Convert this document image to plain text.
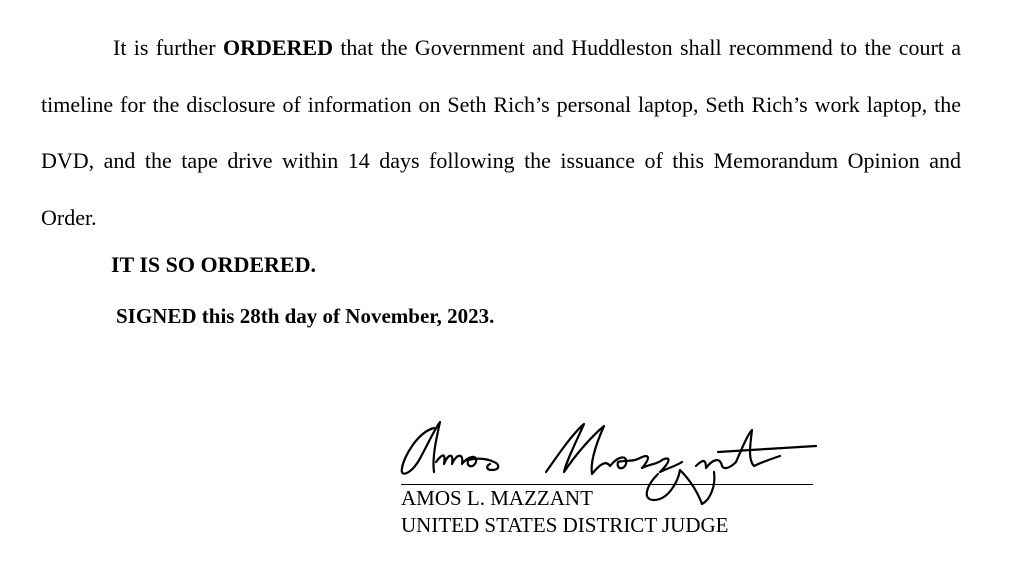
It is further ORDERED that the Government and Huddleston shall recommend to the court a timeline for the disclosure of information on Seth Rich’s personal laptop, Seth Rich’s work laptop, the DVD, and the tape drive within 14 days following the issuance of this Memorandum Opinion and Order.

IT IS SO ORDERED.

SIGNED this 28th day of November, 2023.

AMOS L. MAZZANT

UNITED STATES DISTRICT JUDGE
